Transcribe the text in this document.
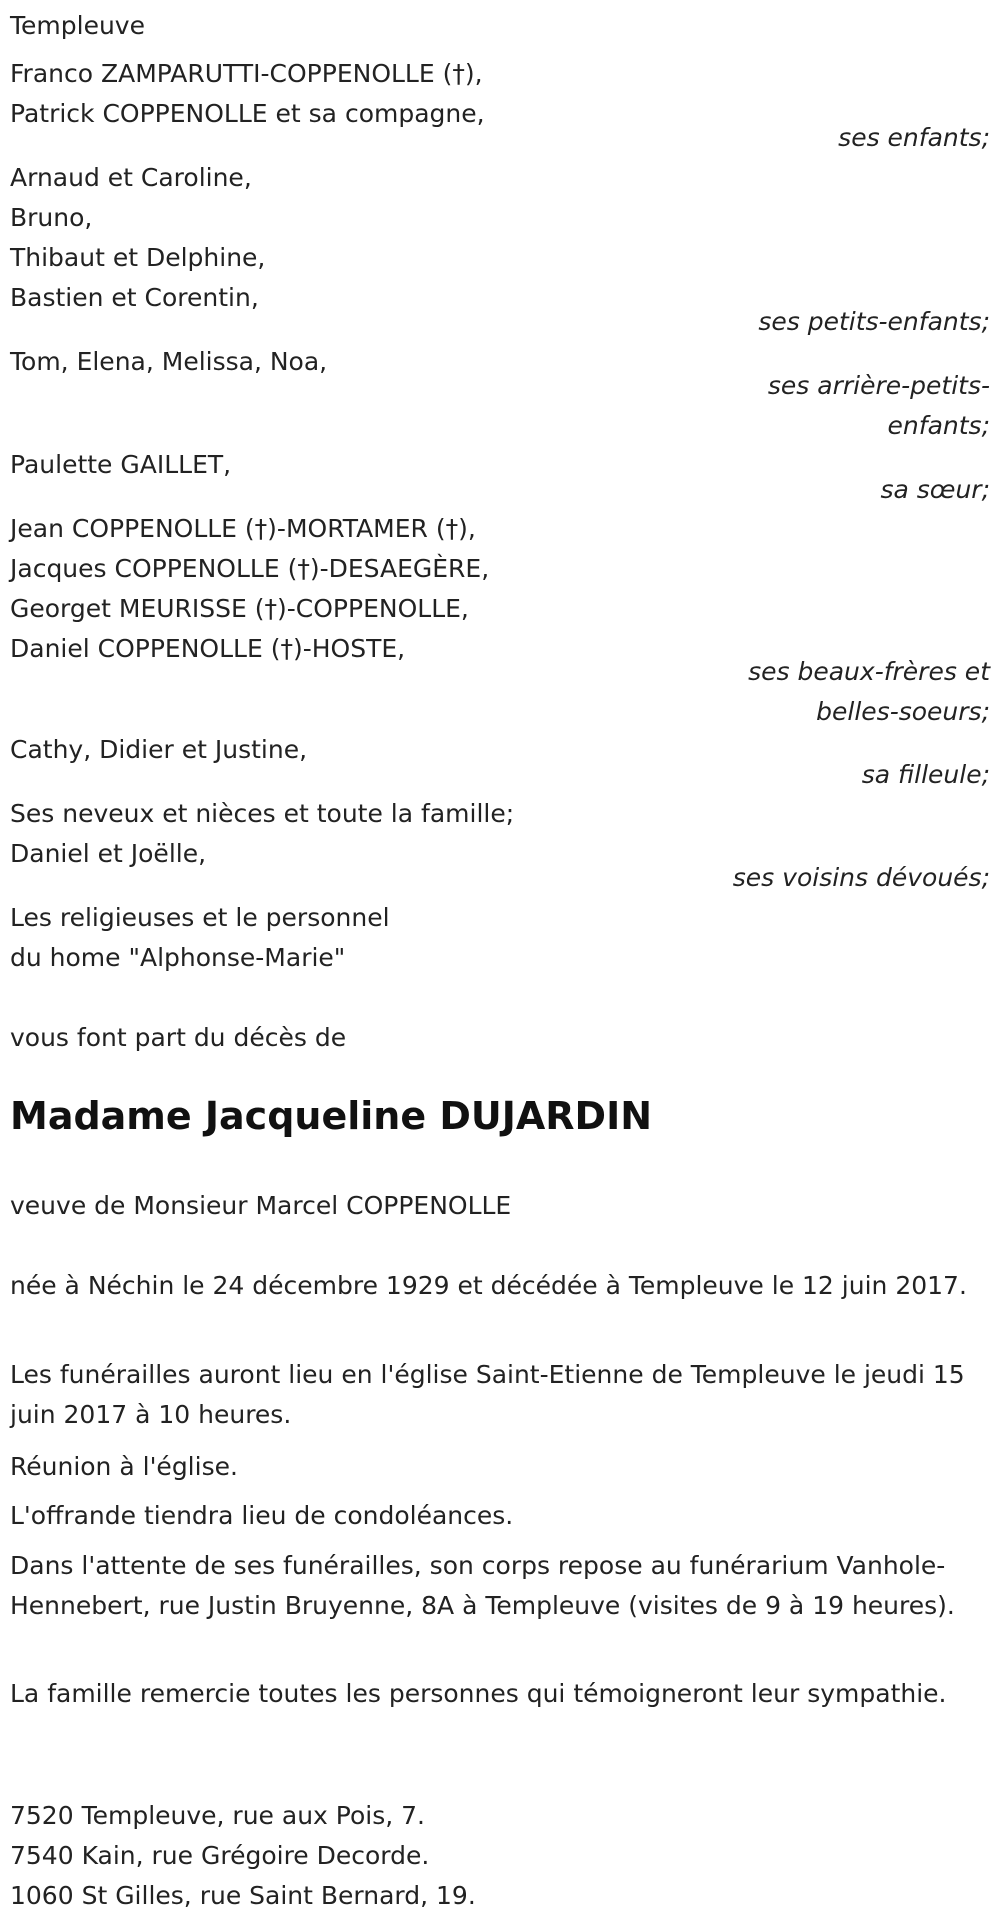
Templeuve
Franco ZAMPARUTTI-COPPENOLLE (†),
Patrick COPPENOLLE et sa compagne,
ses enfants;
Arnaud et Caroline,
Bruno,
Thibaut et Delphine,
Bastien et Corentin,
ses petits-enfants;
Tom, Elena, Melissa, Noa,
ses arrière-petits-enfants;
Paulette GAILLET,
sa sœur;
Jean COPPENOLLE (†)-MORTAMER (†),
Jacques COPPENOLLE (†)-DESAEGÈRE,
Georget MEURISSE (†)-COPPENOLLE,
Daniel COPPENOLLE (†)-HOSTE,
ses beaux-frères et belles-soeurs;
Cathy, Didier et Justine,
sa filleule;
Ses neveux et nièces et toute la famille;
Daniel et Joëlle,
ses voisins dévoués;
Les religieuses et le personnel
du home "Alphonse-Marie"
vous font part du décès de
Madame Jacqueline DUJARDIN
veuve de Monsieur Marcel COPPENOLLE
née à Néchin le 24 décembre 1929 et décédée à Templeuve le 12 juin 2017.
Les funérailles auront lieu en l'église Saint-Etienne de Templeuve le jeudi 15 juin 2017 à 10 heures.
Réunion à l'église.
L'offrande tiendra lieu de condoléances.
Dans l'attente de ses funérailles, son corps repose au funérarium Vanhole-Hennebert, rue Justin Bruyenne, 8A à Templeuve (visites de 9 à 19 heures).
La famille remercie toutes les personnes qui témoigneront leur sympathie.
7520 Templeuve, rue aux Pois, 7.
7540 Kain, rue Grégoire Decorde.
1060 St Gilles, rue Saint Bernard, 19.
